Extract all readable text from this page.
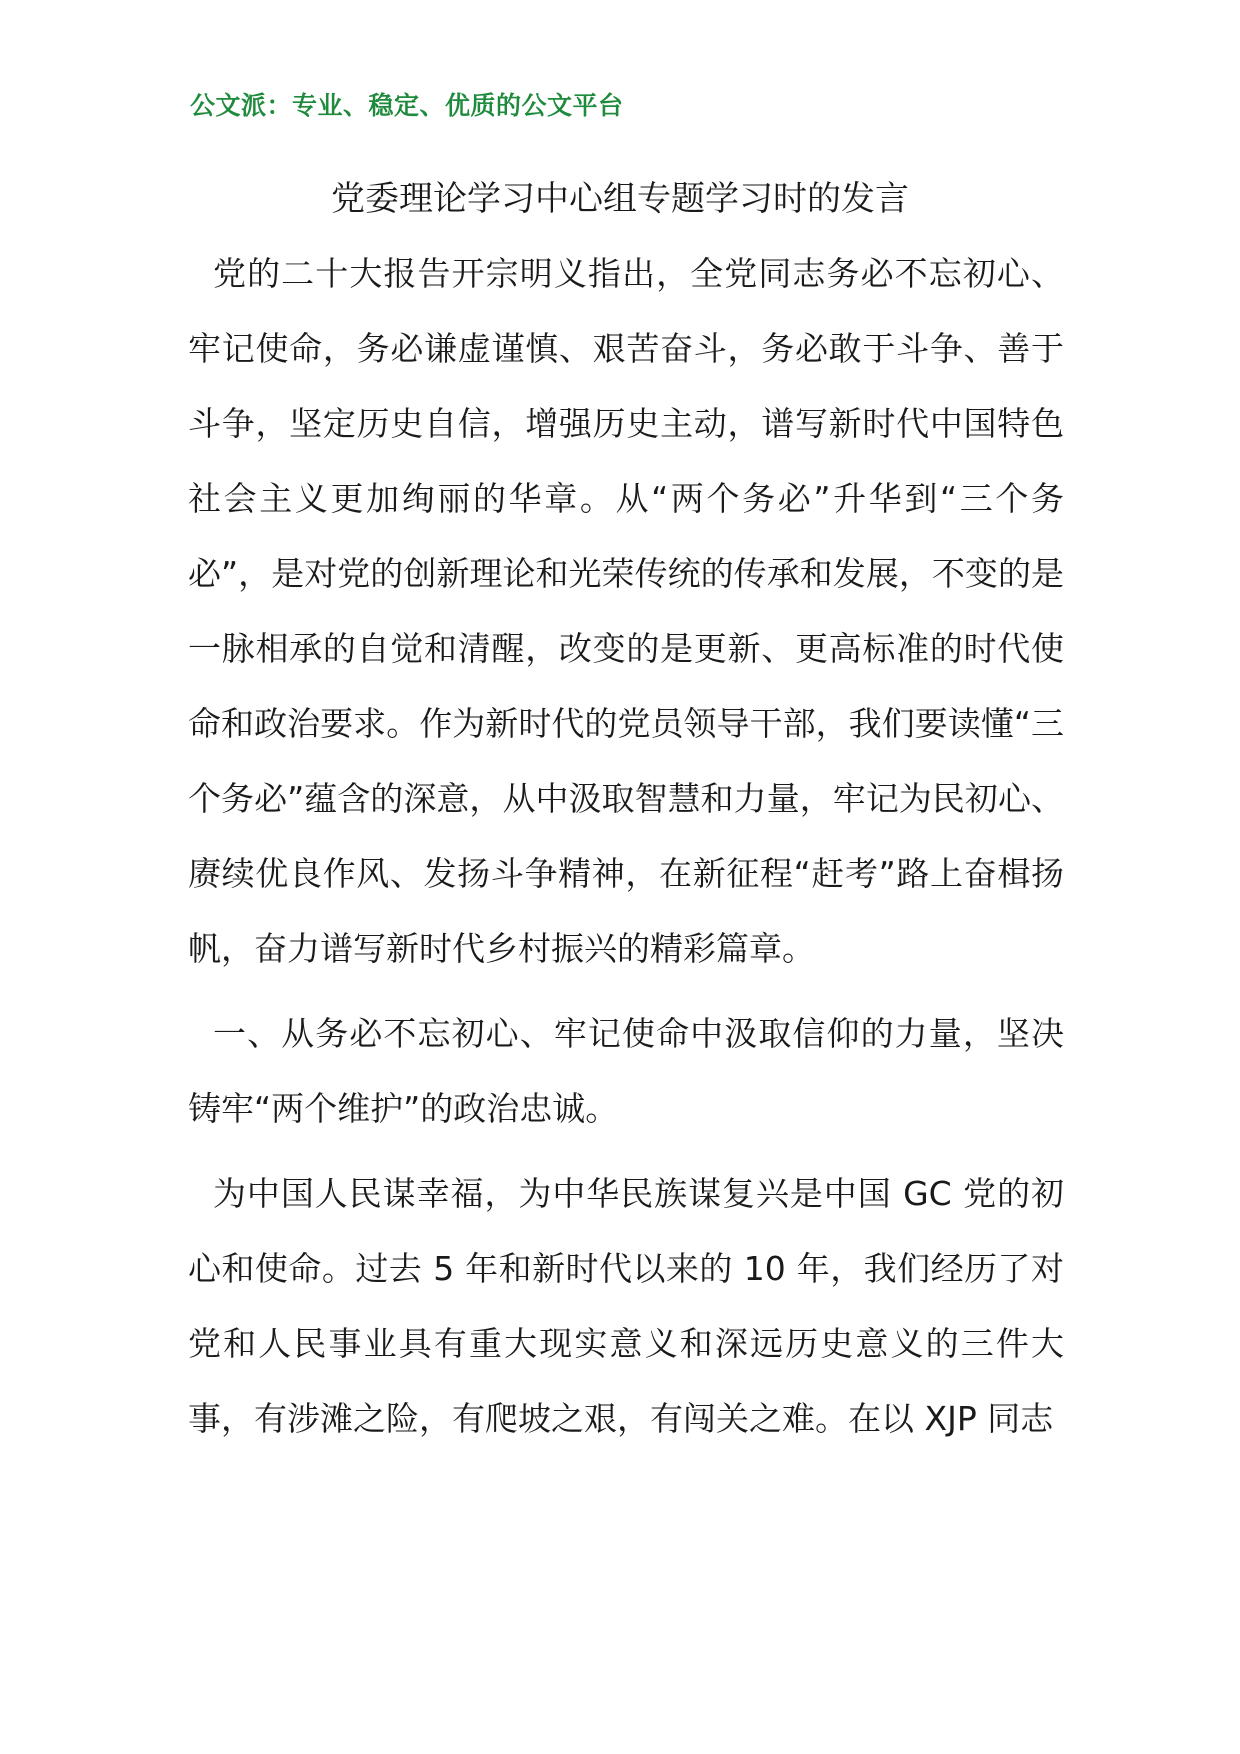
公文派：专业、稳定、优质的公文平台
党委理论学习中心组专题学习时的发言

党的二十大报告开宗明义指出，全党同志务必不忘初心、牢记使命，务必谦虚谨慎、艰苦奋斗，务必敢于斗争、善于斗争，坚定历史自信，增强历史主动，谱写新时代中国特色社会主义更加绚丽的华章。从“两个务必”升华到“三个务必”，是对党的创新理论和光荣传统的传承和发展，不变的是一脉相承的自觉和清醒，改变的是更新、更高标准的时代使命和政治要求。作为新时代的党员领导干部，我们要读懂“三个务必”蕴含的深意，从中汲取智慧和力量，牢记为民初心、赓续优良作风、发扬斗争精神，在新征程“赶考”路上奋楫扬帆，奋力谱写新时代乡村振兴的精彩篇章。

一、从务必不忘初心、牢记使命中汲取信仰的力量，坚决铸牢“两个维护”的政治忠诚。

为中国人民谋幸福，为中华民族谋复兴是中国 GC 党的初心和使命。过去 5 年和新时代以来的 10 年，我们经历了对党和人民事业具有重大现实意义和深远历史意义的三件大事，有涉滩之险，有爬坡之艰，有闯关之难。在以 XJP 同志
